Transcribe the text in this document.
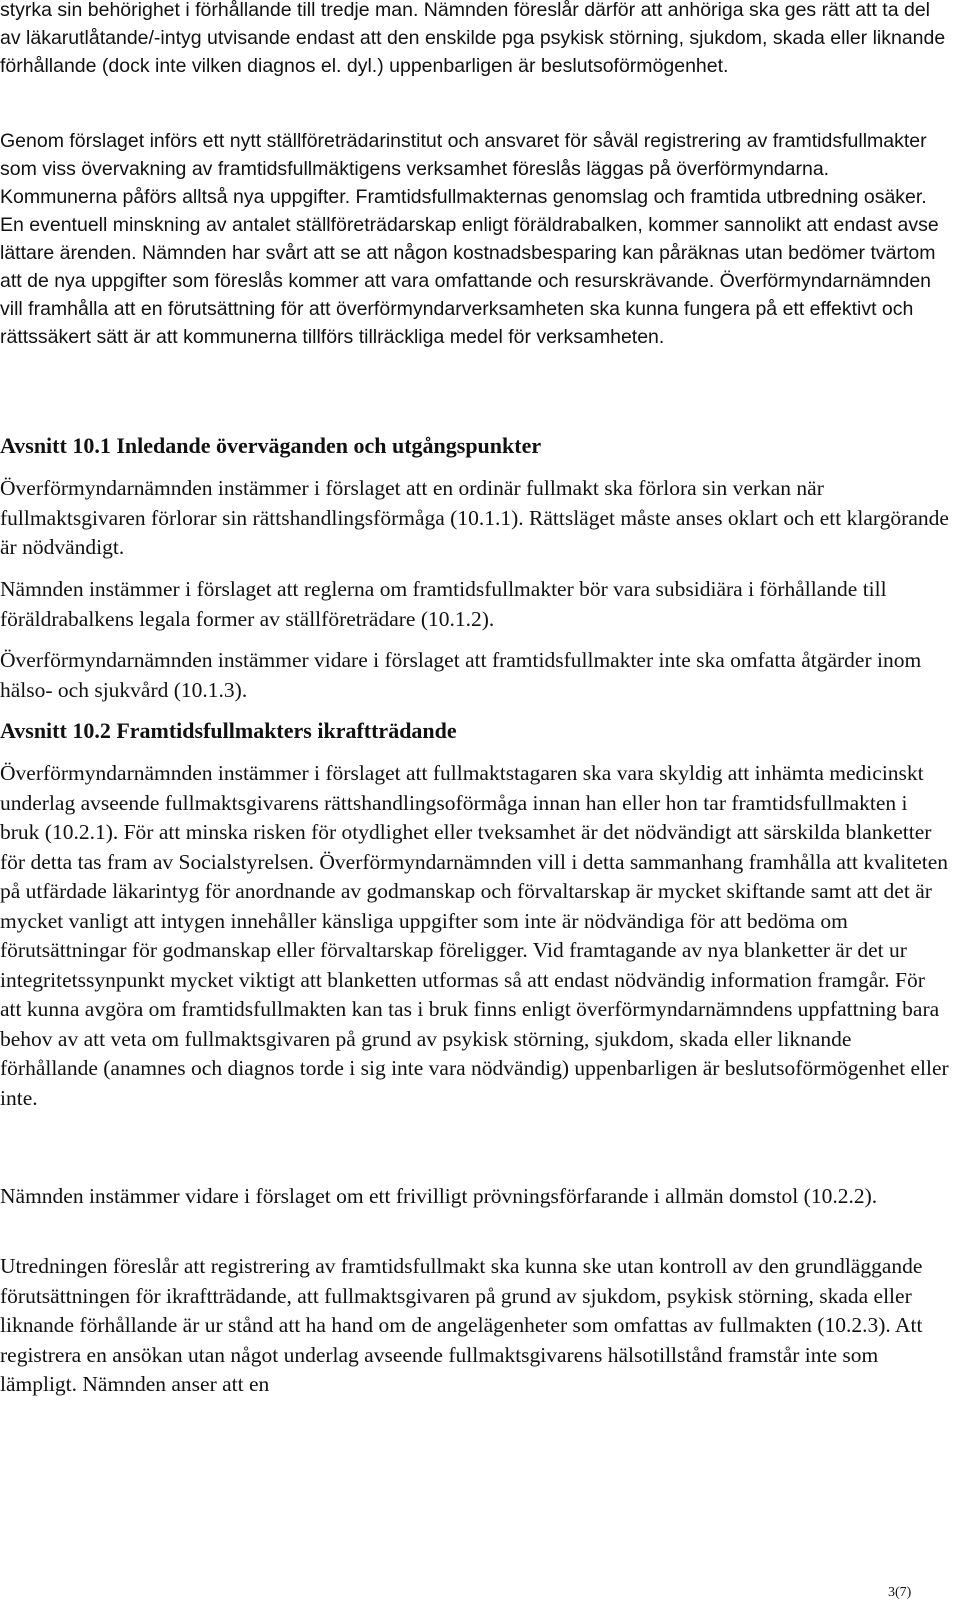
styrka sin behörighet i förhållande till tredje man. Nämnden föreslår därför att anhöriga ska ges rätt att ta del av läkarutlåtande/-intyg utvisande endast att den enskilde pga psykisk störning, sjukdom, skada eller liknande förhållande (dock inte vilken diagnos el. dyl.) uppenbarligen är beslutsoförmögenhet.

Genom förslaget införs ett nytt ställföreträdarinstitut och ansvaret för såväl registrering av framtidsfullmakter som viss övervakning av framtidsfullmäktigens verksamhet föreslås läggas på överförmyndarna. Kommunerna påförs alltså nya uppgifter. Framtidsfullmakternas genomslag och framtida utbredning osäker. En eventuell minskning av antalet ställföreträdarskap enligt föräldrabalken, kommer sannolikt att endast avse lättare ärenden. Nämnden har svårt att se att någon kostnadsbesparing kan påräknas utan bedömer tvärtom att de nya uppgifter som föreslås kommer att vara omfattande och resurskrävande. Överförmyndarnämnden vill framhålla att en förutsättning för att överförmyndarverksamheten ska kunna fungera på ett effektivt och rättssäkert sätt är att kommunerna tillförs tillräckliga medel för verksamheten.

Avsnitt 10.1 Inledande överväganden och utgångspunkter

Överförmyndarnämnden instämmer i förslaget att en ordinär fullmakt ska förlora sin verkan när fullmaktsgivaren förlorar sin rättshandlingsförmåga (10.1.1). Rättsläget måste anses oklart och ett klargörande är nödvändigt.

Nämnden instämmer i förslaget att reglerna om framtidsfullmakter bör vara subsidiära i förhållande till föräldrabalkens legala former av ställföreträdare (10.1.2).

Överförmyndarnämnden instämmer vidare i förslaget att framtidsfullmakter inte ska omfatta åtgärder inom hälso- och sjukvård (10.1.3).

Avsnitt 10.2 Framtidsfullmakters ikraftträdande

Överförmyndarnämnden instämmer i förslaget att fullmaktstagaren ska vara skyldig att inhämta medicinskt underlag avseende fullmaktsgivarens rättshandlingsoförmåga innan han eller hon tar framtidsfullmakten i bruk (10.2.1). För att minska risken för otydlighet eller tveksamhet är det nödvändigt att särskilda blanketter för detta tas fram av Socialstyrelsen. Överförmyndarnämnden vill i detta sammanhang framhålla att kvaliteten på utfärdade läkarintyg för anordnande av godmanskap och förvaltarskap är mycket skiftande samt att det är mycket vanligt att intygen innehåller känsliga uppgifter som inte är nödvändiga för att bedöma om förutsättningar för godmanskap eller förvaltarskap föreligger. Vid framtagande av nya blanketter är det ur integritetssynpunkt mycket viktigt att blanketten utformas så att endast nödvändig information framgår. För att kunna avgöra om framtidsfullmakten kan tas i bruk finns enligt överförmyndarnämndens uppfattning bara behov av att veta om fullmaktsgivaren på grund av psykisk störning, sjukdom, skada eller liknande förhållande (anamnes och diagnos torde i sig inte vara nödvändig) uppenbarligen är beslutsoförmögenhet eller inte.

Nämnden instämmer vidare i förslaget om ett frivilligt prövningsförfarande i allmän domstol (10.2.2).

Utredningen föreslår att registrering av framtidsfullmakt ska kunna ske utan kontroll av den grundläggande förutsättningen för ikraftträdande, att fullmaktsgivaren på grund av sjukdom, psykisk störning, skada eller liknande förhållande är ur stånd att ha hand om de angelägenheter som omfattas av fullmakten (10.2.3). Att registrera en ansökan utan något underlag avseende fullmaktsgivarens hälsotillstånd framstår inte som lämpligt. Nämnden anser att en

3(7)
